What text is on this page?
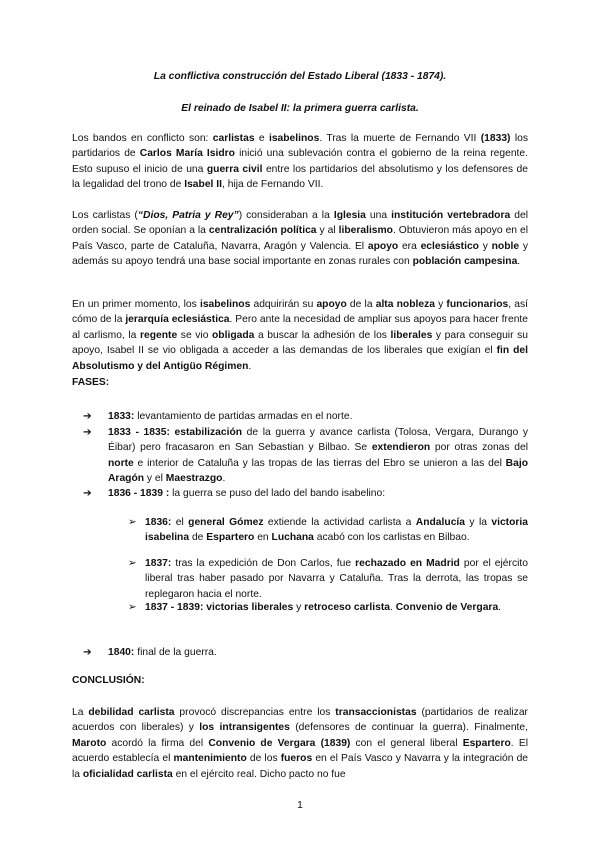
La conflictiva construcción del Estado Liberal (1833 - 1874).
El reinado de Isabel II: la primera guerra carlista.
Los bandos en conflicto son: carlistas e isabelinos. Tras la muerte de Fernando VII (1833) los partidarios de Carlos María Isidro inició una sublevación contra el gobierno de la reina regente. Esto supuso el inicio de una guerra civil entre los partidarios del absolutismo y los defensores de la legalidad del trono de Isabel II, hija de Fernando VII.
Los carlistas (“Dios, Patria y Rey”) consideraban a la Iglesia una institución vertebradora del orden social. Se oponían a la centralización política y al liberalismo. Obtuvieron más apoyo en el País Vasco, parte de Cataluña, Navarra, Aragón y Valencia. El apoyo era eclesiástico y noble y además su apoyo tendrá una base social importante en zonas rurales con población campesina.
En un primer momento, los isabelinos adquirirán su apoyo de la alta nobleza y funcionarios, así cómo de la jerarquía eclesiástica. Pero ante la necesidad de ampliar sus apoyos para hacer frente al carlismo, la regente se vio obligada a buscar la adhesión de los liberales y para conseguir su apoyo, Isabel II se vio obligada a acceder a las demandas de los liberales que exigían el fin del Absolutismo y del Antigüo Régimen.
FASES:
➔ 1833: levantamiento de partidas armadas en el norte.
➔ 1833 - 1835: estabilización de la guerra y avance carlista (Tolosa, Vergara, Durango y Éibar) pero fracasaron en San Sebastian y Bilbao. Se extendieron por otras zonas del norte e interior de Cataluña y las tropas de las tierras del Ebro se unieron a las del Bajo Aragón y el Maestrazgo.
➔ 1836 - 1839 : la guerra se puso del lado del bando isabelino:
➢ 1836: el general Gómez extiende la actividad carlista a Andalucía y la victoria isabelina de Espartero en Luchana acabó con los carlistas en Bilbao.
➢ 1837: tras la expedición de Don Carlos, fue rechazado en Madrid por el ejército liberal tras haber pasado por Navarra y Cataluña. Tras la derrota, las tropas se replegaron hacia el norte.
➢ 1837 - 1839: victorias liberales y retroceso carlista. Convenio de Vergara.
➔ 1840: final de la guerra.
CONCLUSIÓN:
La debilidad carlista provocó discrepancias entre los transaccionistas (partidarios de realizar acuerdos con liberales) y los intransigentes (defensores de continuar la guerra). Finalmente, Maroto acordó la firma del Convenio de Vergara (1839) con el general liberal Espartero. El acuerdo establecía el mantenimiento de los fueros en el País Vasco y Navarra y la integración de la oficialidad carlista en el ejército real. Dicho pacto no fue
1
